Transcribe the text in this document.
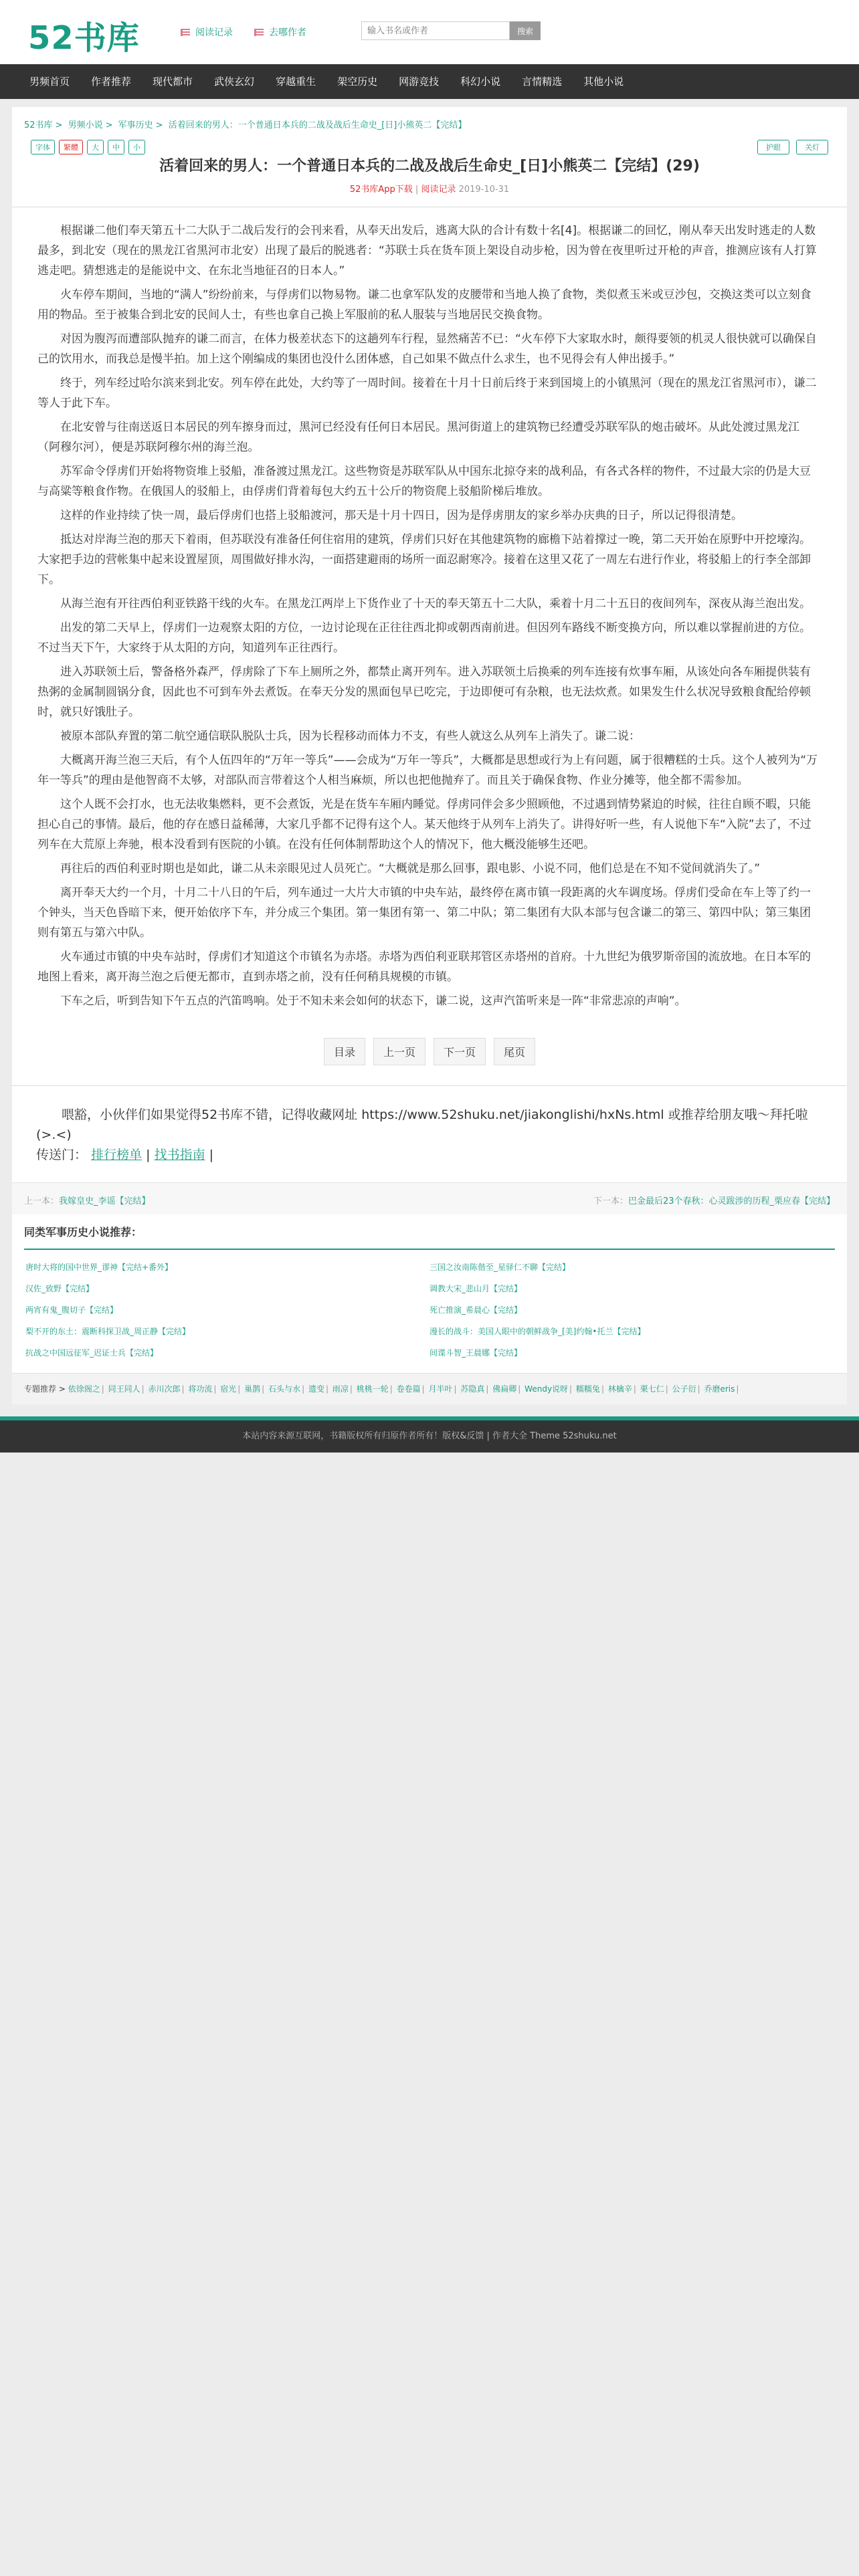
52书库	阅读记录	去哪作者
输入书名或作者	搜索
男频首页	作者推荐	现代都市	武侠玄幻	穿越重生	架空历史	网游竞技	科幻小说	言情精选	其他小说
52书库 > 男频小说 > 军事历史 > 活着回来的男人：一个普通日本兵的二战及战后生命史_[日]小熊英二【完结】
字体	繁體	大	中	小	护眼	关灯
活着回来的男人：一个普通日本兵的二战及战后生命史_[日]小熊英二【完结】(29)
52书库App下载 | 阅读记录 2019-10-31

根据谦二他们奉天第五十二大队于二战后发行的会刊来看，从奉天出发后，逃离大队的合计有数十名[4]。根据谦二的回忆，刚从奉天出发时逃走的人数最多，到北安（现在的黑龙江省黑河市北安）出现了最后的脱逃者：“苏联士兵在货车顶上架设自动步枪，因为曾在夜里听过开枪的声音，推测应该有人打算逃走吧。猜想逃走的是能说中文、在东北当地征召的日本人。”

火车停车期间，当地的“满人”纷纷前来，与俘虏们以物易物。谦二也拿军队发的皮腰带和当地人换了食物，类似煮玉米或豆沙包，交换这类可以立刻食用的物品。至于被集合到北安的民间人士，有些也拿自己换上军服前的私人服装与当地居民交换食物。

对因为腹泻而遭部队抛弃的谦二而言，在体力极差状态下的这趟列车行程，显然痛苦不已：“火车停下大家取水时，颇得要领的机灵人很快就可以确保自己的饮用水，而我总是慢半拍。加上这个刚编成的集团也没什么团体感，自己如果不做点什么求生，也不见得会有人伸出援手。”

终于，列车经过哈尔滨来到北安。列车停在此处，大约等了一周时间。接着在十月十日前后终于来到国境上的小镇黑河（现在的黑龙江省黑河市），谦二等人于此下车。

在北安曾与往南送返日本居民的列车擦身而过，黑河已经没有任何日本居民。黑河街道上的建筑物已经遭受苏联军队的炮击破坏。从此处渡过黑龙江（阿穆尔河），便是苏联阿穆尔州的海兰泡。

苏军命令俘虏们开始将物资堆上驳船，准备渡过黑龙江。这些物资是苏联军队从中国东北掠夺来的战利品，有各式各样的物件，不过最大宗的仍是大豆与高粱等粮食作物。在俄国人的驳船上，由俘虏们背着每包大约五十公斤的物资爬上驳船阶梯后堆放。

这样的作业持续了快一周，最后俘虏们也搭上驳船渡河，那天是十月十四日，因为是俘虏朋友的家乡举办庆典的日子，所以记得很清楚。

抵达对岸海兰泡的那天下着雨，但苏联没有准备任何住宿用的建筑，俘虏们只好在其他建筑物的廊檐下站着撑过一晚，第二天开始在原野中开挖壕沟。大家把手边的营帐集中起来设置屋顶，周围做好排水沟，一面搭建避雨的场所一面忍耐寒冷。接着在这里又花了一周左右进行作业，将驳船上的行李全部卸下。

从海兰泡有开往西伯利亚铁路干线的火车。在黑龙江两岸上下货作业了十天的奉天第五十二大队，乘着十月二十五日的夜间列车，深夜从海兰泡出发。

出发的第二天早上，俘虏们一边观察太阳的方位，一边讨论现在正往往西北抑或朝西南前进。但因列车路线不断变换方向，所以难以掌握前进的方位。不过当天下午，大家终于从太阳的方向，知道列车正往西行。

进入苏联领土后，警备格外森严，俘虏除了下车上厕所之外，都禁止离开列车。进入苏联领土后换乘的列车连接有炊事车厢，从该处向各车厢提供装有热粥的金属制圆锅分食，因此也不可到车外去煮饭。在奉天分发的黑面包早已吃完，于边即便可有杂粮，也无法炊煮。如果发生什么状况导致粮食配给停顿时，就只好饿肚子。

被原本部队弃置的第二航空通信联队脱队士兵，因为长程移动而体力不支，有些人就这么从列车上消失了。谦二说：

大概离开海兰泡三天后，有个人伍四年的“万年一等兵”——会成为“万年一等兵”，大概都是思想或行为上有问题，属于很糟糕的士兵。这个人被列为“万年一等兵”的理由是他智商不太够，对部队而言带着这个人相当麻烦，所以也把他抛弃了。而且关于确保食物、作业分摊等，他全都不需参加。

这个人既不会打水，也无法收集燃料，更不会煮饭，光是在货车车厢内睡觉。俘虏同伴会多少照顾他，不过遇到情势紧迫的时候，往往自顾不暇，只能担心自己的事情。最后，他的存在感日益稀薄，大家几乎都不记得有这个人。某天他终于从列车上消失了。讲得好听一些，有人说他下车“入院”去了，不过列车在大荒原上奔驰，根本没看到有医院的小镇。在没有任何体制帮助这个人的情况下，他大概没能够生还吧。

再往后的西伯利亚时期也是如此，谦二从未亲眼见过人员死亡。“大概就是那么回事，跟电影、小说不同，他们总是在不知不觉间就消失了。”

离开奉天大约一个月，十月二十八日的午后，列车通过一大片大市镇的中央车站，最终停在离市镇一段距离的火车调度场。俘虏们受命在车上等了约一个钟头，当天色昏暗下来，便开始依序下车，并分成三个集团。第一集团有第一、第二中队；第二集团有大队本部与包含谦二的第三、第四中队；第三集团则有第五与第六中队。

火车通过市镇的中央车站时，俘虏们才知道这个市镇名为赤塔。赤塔为西伯利亚联邦管区赤塔州的首府。十九世纪为俄罗斯帝国的流放地。在日本军的地图上看来，离开海兰泡之后便无都市，直到赤塔之前，没有任何稍具规模的市镇。

下车之后，听到告知下午五点的汽笛鸣响。处于不知未来会如何的状态下，谦二说，这声汽笛听来是一阵“非常悲凉的声响”。

目录	上一页	下一页	尾页
喂豁，小伙伴们如果觉得52书库不错，记得收藏网址 https://www.52shuku.net/jiakonglishi/hxNs.html 或推荐给朋友哦～拜托啦 (>.<)
传送门： 排行榜单 | 找书指南 |
上一本：我嫁皇史_李谣【完结】	下一本：巴金最后23个春秋：心灵跋涉的历程_栗应春【完结】
同类军事历史小说推荐：
唐时大将的国中世界_谬神【完结+番外】	三国之汝南陈偕至_星驿仁不聊【完结】
汉佐_致野【完结】	调教大宋_悲山月【完结】
两宵有鬼_腹切子【完结】	死亡推演_希晨心【完结】
梨不开的东土：震断科探卫战_周正静【完结】	漫长的战斗：美国人眼中的朝鲜战争_[美]约翰•托兰【完结】
抗战之中国远征军_迟证士兵【完结】	间谍斗智_王晨娜【完结】
专题推荐 > 依徐阁之 | 同王同人 | 赤川次郎 | 将功流 | 宿光 | 巢鹊 | 石头与水 | 遗变 | 雨凉 | 桃桃一轮 | 卷卷篇 | 月半叶 | 苏隐真 | 佛扁卿 | Wendy说呀 | 糯糯兔 | 林檎辛 | 栗七仁 | 公子衍 | 乔磨eris |
本站内容来源互联网，书籍版权所有归原作者所有！版权&反馈 | 作者大全 Theme 52shuku.net
